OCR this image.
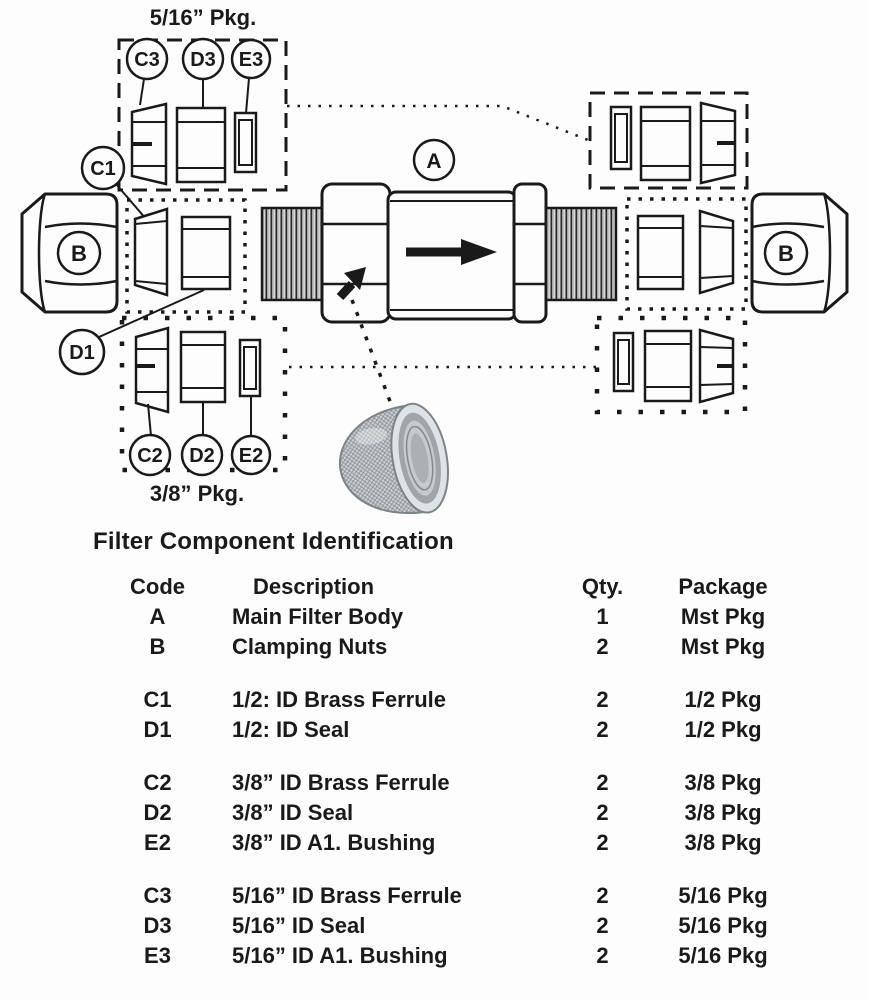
5/16” Pkg.
C3 D3 E3
C1
D1
B
C2 D2 E2
3/8” Pkg.
A
B
Filter Component Identification
Code	Description	Qty.	Package
A	Main Filter Body	1	Mst Pkg
B	Clamping Nuts	2	Mst Pkg
C1	1/2: ID Brass Ferrule	2	1/2 Pkg
D1	1/2: ID Seal	2	1/2 Pkg
C2	3/8” ID Brass Ferrule	2	3/8 Pkg
D2	3/8” ID Seal	2	3/8 Pkg
E2	3/8” ID A1. Bushing	2	3/8 Pkg
C3	5/16” ID Brass Ferrule	2	5/16 Pkg
D3	5/16” ID Seal	2	5/16 Pkg
E3	5/16” ID A1. Bushing	2	5/16 Pkg
